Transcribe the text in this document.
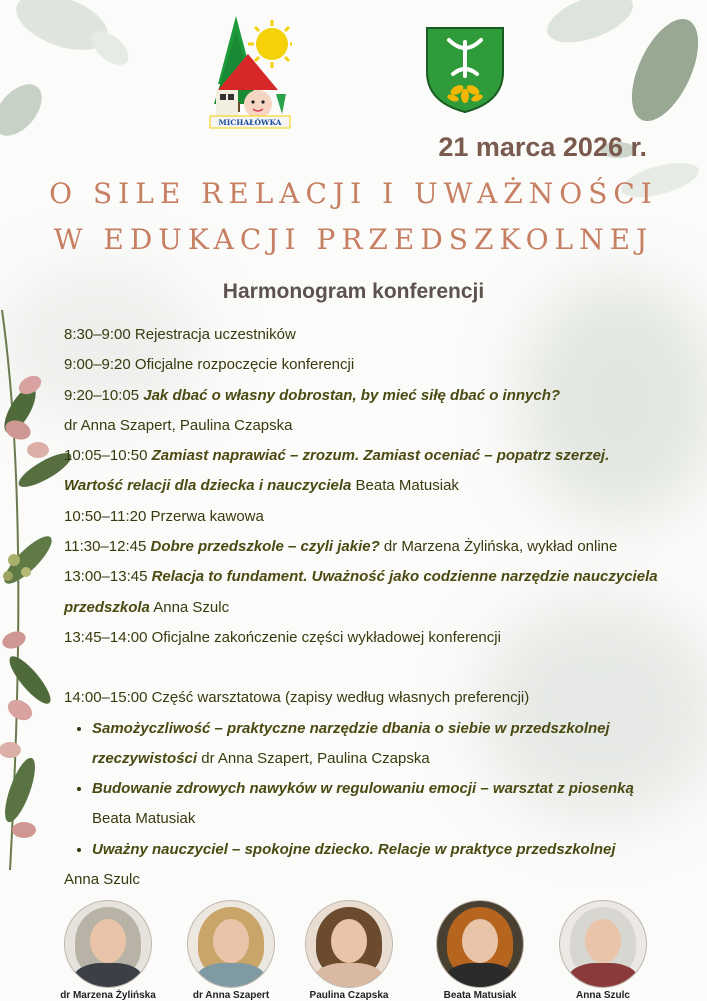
MICHAŁÓWKA
21 marca 2026 r.
O SILE RELACJI I UWAŻNOŚCI
W EDUKACJI PRZEDSZKOLNEJ
Harmonogram konferencji

8:30–9:00 Rejestracja uczestników

9:00–9:20 Oficjalne rozpoczęcie konferencji

9:20–10:05 Jak dbać o własny dobrostan, by mieć siłę dbać o innych?

dr Anna Szapert, Paulina Czapska

10:05–10:50 Zamiast naprawiać – zrozum. Zamiast oceniać – popatrz szerzej.

Wartość relacji dla dziecka i nauczyciela Beata Matusiak

10:50–11:20 Przerwa kawowa

11:30–12:45 Dobre przedszkole – czyli jakie? dr Marzena Żylińska, wykład online

13:00–13:45 Relacja to fundament. Uważność jako codzienne narzędzie nauczyciela

przedszkola Anna Szulc

13:45–14:00 Oficjalne zakończenie części wykładowej konferencji

14:00–15:00 Część warsztatowa (zapisy według własnych preferencji)

• Samożyczliwość – praktyczne narzędzie dbania o siebie w przedszkolnej
rzeczywistości dr Anna Szapert, Paulina Czapska
• Budowanie zdrowych nawyków w regulowaniu emocji – warsztat z piosenką
Beata Matusiak
• Uważny nauczyciel – spokojne dziecko. Relacje w praktyce przedszkolnej

Anna Szulc

dr Marzena Żylińska	dr Anna Szapert	Paulina Czapska	Beata Matusiak	Anna Szulc
